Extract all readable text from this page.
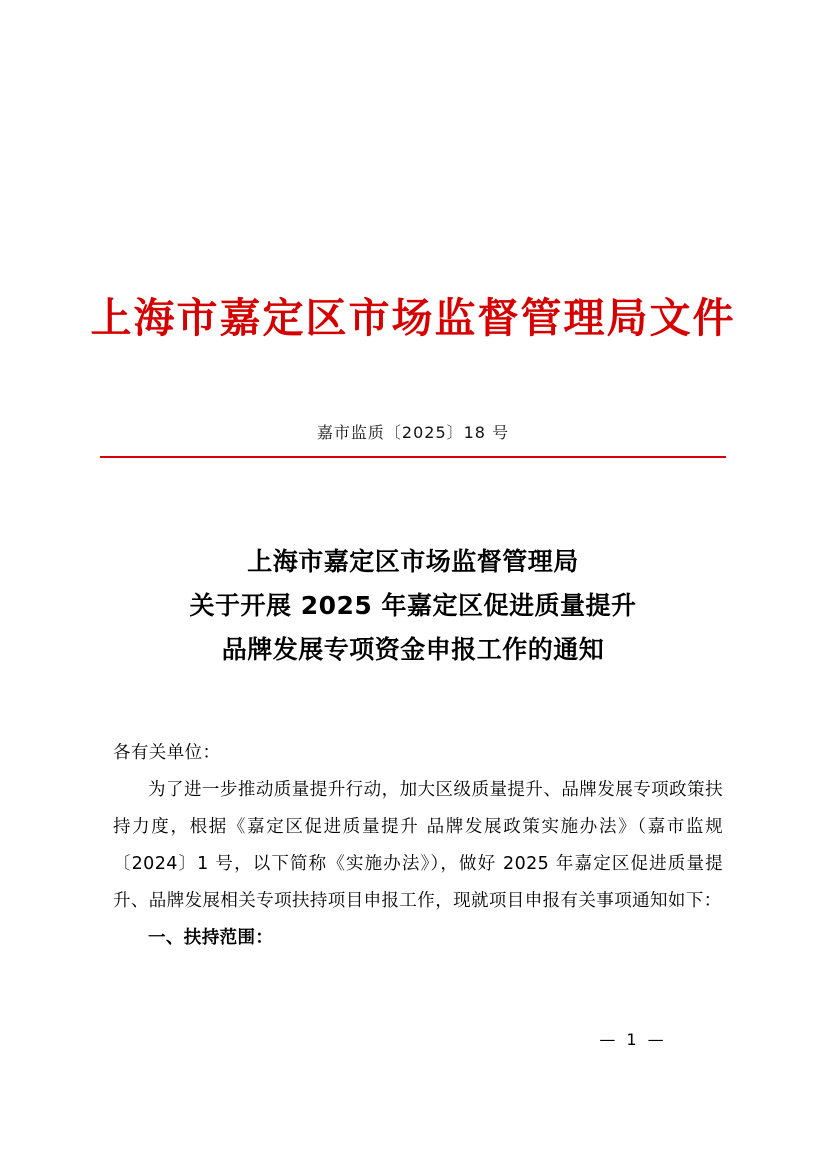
上海市嘉定区市场监督管理局文件
嘉市监质〔2025〕18 号
上海市嘉定区市场监督管理局
关于开展 2025 年嘉定区促进质量提升
品牌发展专项资金申报工作的通知

各有关单位：

为了进一步推动质量提升行动，加大区级质量提升、品牌发展专项政策扶持力度，根据《嘉定区促进质量提升 品牌发展政策实施办法》（嘉市监规〔2024〕1 号，以下简称《实施办法》），做好 2025 年嘉定区促进质量提升、品牌发展相关专项扶持项目申报工作，现就项目申报有关事项通知如下：

一、扶持范围：

— 1 —
